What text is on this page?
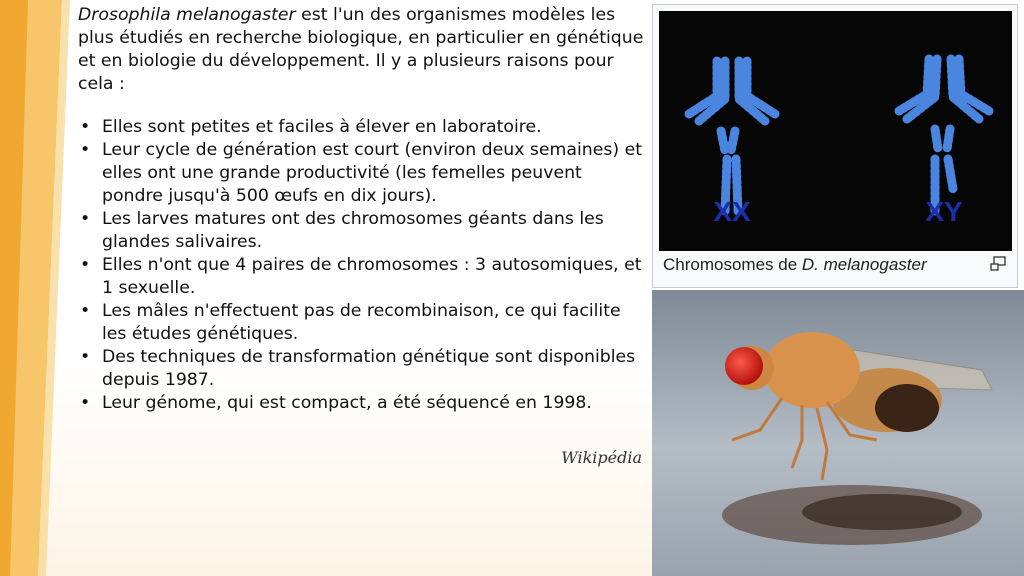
Drosophila melanogaster est l'un des organismes modèles les plus étudiés en recherche biologique, en particulier en génétique et en biologie du développement. Il y a plusieurs raisons pour cela :

• Elles sont petites et faciles à élever en laboratoire.
• Leur cycle de génération est court (environ deux semaines) et elles ont une grande productivité (les femelles peuvent pondre jusqu'à 500 œufs en dix jours).
• Les larves matures ont des chromosomes géants dans les glandes salivaires.
• Elles n'ont que 4 paires de chromosomes : 3 autosomiques, et 1 sexuelle.
• Les mâles n'effectuent pas de recombinaison, ce qui facilite les études génétiques.
• Des techniques de transformation génétique sont disponibles depuis 1987.
• Leur génome, qui est compact, a été séquencé en 1998.
Wikipédia
XX	XY
Chromosomes de D. melanogaster
